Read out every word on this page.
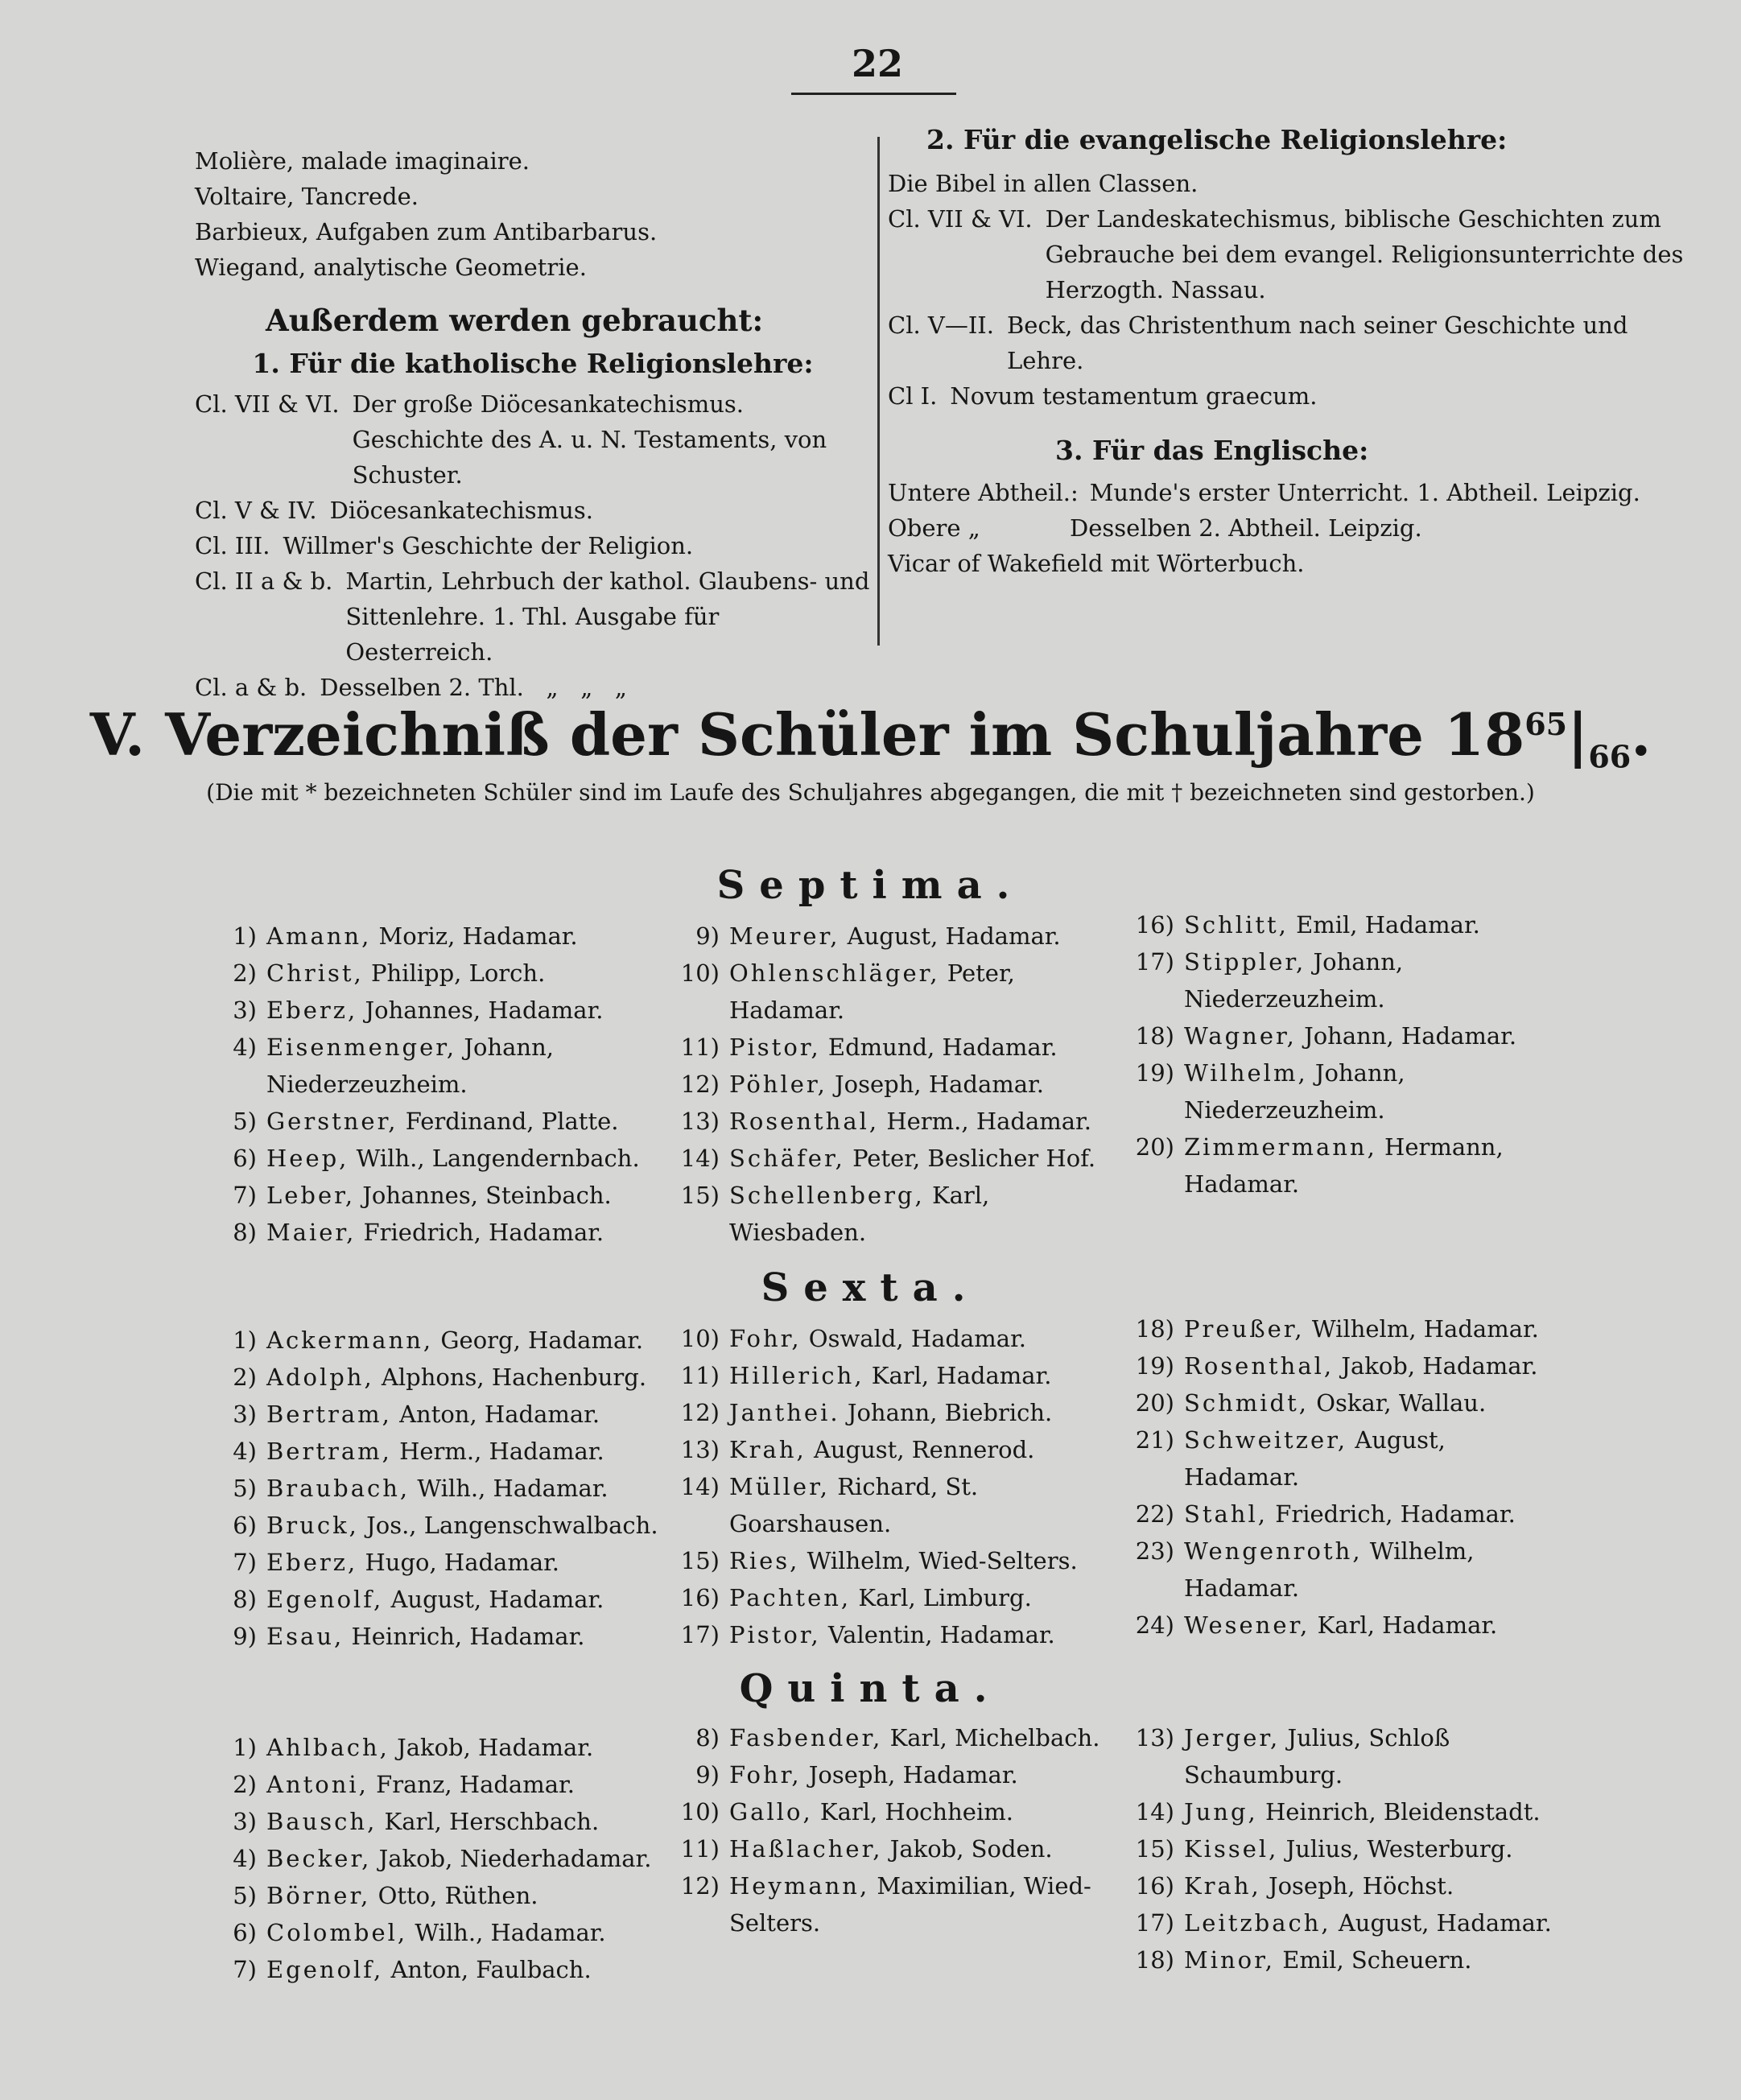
22
Molière, malade imaginaire.
Voltaire, Tancrede.
Barbieux, Aufgaben zum Antibarbarus.
Wiegand, analytische Geometrie.
Außerdem werden gebraucht:
1. Für die katholische Religionslehre:
Cl. VII & VI. Der große Diöcesankatechismus. Geschichte des A. u. N. Testaments, von Schuster.
Cl. V & IV. Diöcesankatechismus.
Cl. III. Willmer's Geschichte der Religion.
Cl. II a & b. Martin, Lehrbuch der kathol. Glaubens- und Sittenlehre. 1. Thl. Ausgabe für Oesterreich.
Cl. a & b. Desselben 2. Thl.   „   „   „
2. Für die evangelische Religionslehre:
Die Bibel in allen Classen.
Cl. VII & VI. Der Landeskatechismus, biblische Geschichten zum Gebrauche bei dem evangel. Religionsunterrichte des Herzogth. Nassau.
Cl. V—II. Beck, das Christenthum nach seiner Geschichte und Lehre.
Cl I. Novum testamentum graecum.
3. Für das Englische:
Untere Abtheil.: Munde's erster Unterricht. 1. Abtheil. Leipzig.
Obere „	Desselben 2. Abtheil. Leipzig.
Vicar of Wakefield mit Wörterbuch.
V. Verzeichniß der Schüler im Schuljahre $18^{65}|_{66}$.
(Die mit * bezeichneten Schüler sind im Laufe des Schuljahres abgegangen, die mit † bezeichneten sind gestorben.)
Septima.
1) Amann, Moriz, Hadamar.
2) Christ, Philipp, Lorch.
3) Eberz, Johannes, Hadamar.
4) Eisenmenger, Johann, Niederzeuzheim.
5) Gerstner, Ferdinand, Platte.
6) Heep, Wilh., Langendernbach.
7) Leber, Johannes, Steinbach.
8) Maier, Friedrich, Hadamar.
9) Meurer, August, Hadamar.
10) Ohlenschläger, Peter, Hadamar.
11) Pistor, Edmund, Hadamar.
12) Pöhler, Joseph, Hadamar.
13) Rosenthal, Herm., Hadamar.
14) Schäfer, Peter, Beslicher Hof.
15) Schellenberg, Karl, Wiesbaden.
16) Schlitt, Emil, Hadamar.
17) Stippler, Johann, Niederzeuzheim.
18) Wagner, Johann, Hadamar.
19) Wilhelm, Johann, Niederzeuzheim.
20) Zimmermann, Hermann, Hadamar.
Sexta.
1) Ackermann, Georg, Hadamar.
2) Adolph, Alphons, Hachenburg.
3) Bertram, Anton, Hadamar.
4) Bertram, Herm., Hadamar.
5) Braubach, Wilh., Hadamar.
6) Bruck, Jos., Langenschwalbach.
7) Eberz, Hugo, Hadamar.
8) Egenolf, August, Hadamar.
9) Esau, Heinrich, Hadamar.
10) Fohr, Oswald, Hadamar.
11) Hillerich, Karl, Hadamar.
12) Janthei. Johann, Biebrich.
13) Krah, August, Rennerod.
14) Müller, Richard, St. Goarshausen.
15) Ries, Wilhelm, Wied-Selters.
16) Pachten, Karl, Limburg.
17) Pistor, Valentin, Hadamar.
18) Preußer, Wilhelm, Hadamar.
19) Rosenthal, Jakob, Hadamar.
20) Schmidt, Oskar, Wallau.
21) Schweitzer, August, Hadamar.
22) Stahl, Friedrich, Hadamar.
23) Wengenroth, Wilhelm, Hadamar.
24) Wesener, Karl, Hadamar.
Quinta.
1) Ahlbach, Jakob, Hadamar.
2) Antoni, Franz, Hadamar.
3) Bausch, Karl, Herschbach.
4) Becker, Jakob, Niederhadamar.
5) Börner, Otto, Rüthen.
6) Colombel, Wilh., Hadamar.
7) Egenolf, Anton, Faulbach.
8) Fasbender, Karl, Michelbach.
9) Fohr, Joseph, Hadamar.
10) Gallo, Karl, Hochheim.
11) Haßlacher, Jakob, Soden.
12) Heymann, Maximilian, Wied-Selters.
13) Jerger, Julius, Schloß Schaumburg.
14) Jung, Heinrich, Bleidenstadt.
15) Kissel, Julius, Westerburg.
16) Krah, Joseph, Höchst.
17) Leitzbach, August, Hadamar.
18) Minor, Emil, Scheuern.
